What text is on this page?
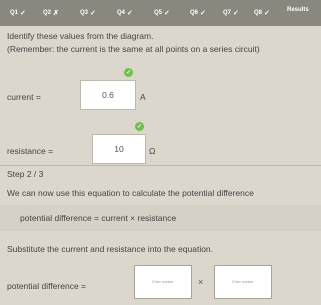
Q1 ✓	Q2 ✗	Q3 ✓	Q4 ✓	Q5 ✓	Q6 ✓	Q7 ✓	Q8 ✓	Results
Identify these values from the diagram.
(Remember: the current is the same at all points on a series circuit)
current =	0.6
✓
A
resistance =	10
✓
Ω
Step 2 / 3
We can now use this equation to calculate the potential difference
potential difference = current × resistance
Substitute the current and resistance into the equation.
potential difference =	Enter number	×	Enter number
